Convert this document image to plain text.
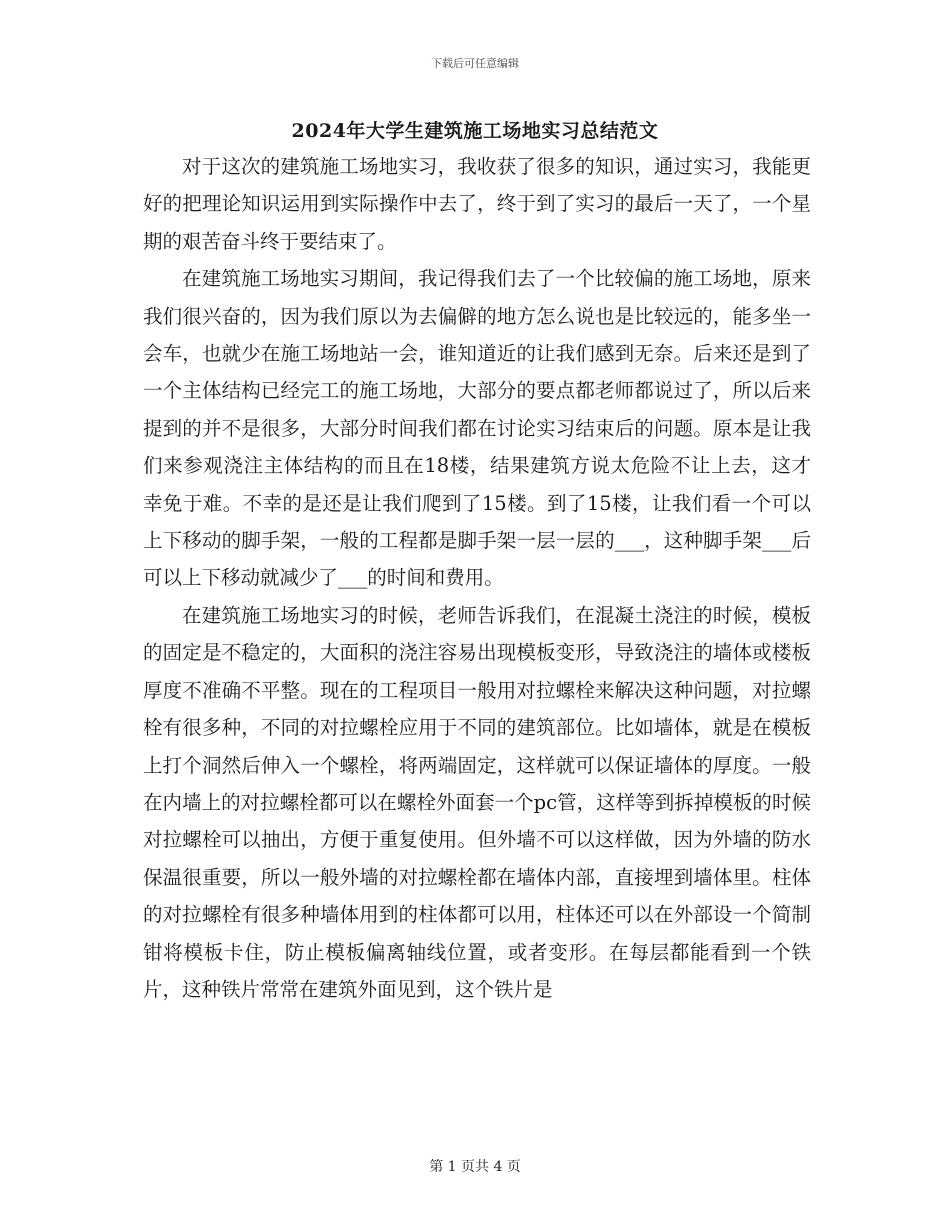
下载后可任意编辑
2024年大学生建筑施工场地实习总结范文

对于这次的建筑施工场地实习，我收获了很多的知识，通过实习，我能更好的把理论知识运用到实际操作中去了，终于到了实习的最后一天了，一个星期的艰苦奋斗终于要结束了。

在建筑施工场地实习期间，我记得我们去了一个比较偏的施工场地，原来我们很兴奋的，因为我们原以为去偏僻的地方怎么说也是比较远的，能多坐一会车，也就少在施工场地站一会，谁知道近的让我们感到无奈。后来还是到了一个主体结构已经完工的施工场地，大部分的要点都老师都说过了，所以后来提到的并不是很多，大部分时间我们都在讨论实习结束后的问题。原本是让我们来参观浇注主体结构的而且在18楼，结果建筑方说太危险不让上去，这才幸免于难。不幸的是还是让我们爬到了15楼。到了15楼，让我们看一个可以上下移动的脚手架，一般的工程都是脚手架一层一层的___，这种脚手架___后可以上下移动就减少了___的时间和费用。

在建筑施工场地实习的时候，老师告诉我们，在混凝土浇注的时候，模板的固定是不稳定的，大面积的浇注容易出现模板变形，导致浇注的墙体或楼板厚度不准确不平整。现在的工程项目一般用对拉螺栓来解决这种问题，对拉螺栓有很多种，不同的对拉螺栓应用于不同的建筑部位。比如墙体，就是在模板上打个洞然后伸入一个螺栓，将两端固定，这样就可以保证墙体的厚度。一般在内墙上的对拉螺栓都可以在螺栓外面套一个pc管，这样等到拆掉模板的时候对拉螺栓可以抽出，方便于重复使用。但外墙不可以这样做，因为外墙的防水保温很重要，所以一般外墙的对拉螺栓都在墙体内部，直接埋到墙体里。柱体的对拉螺栓有很多种墙体用到的柱体都可以用，柱体还可以在外部设一个简制钳将模板卡住，防止模板偏离轴线位置，或者变形。在每层都能看到一个铁片，这种铁片常常在建筑外面见到，这个铁片是

第 1 页共 4 页
